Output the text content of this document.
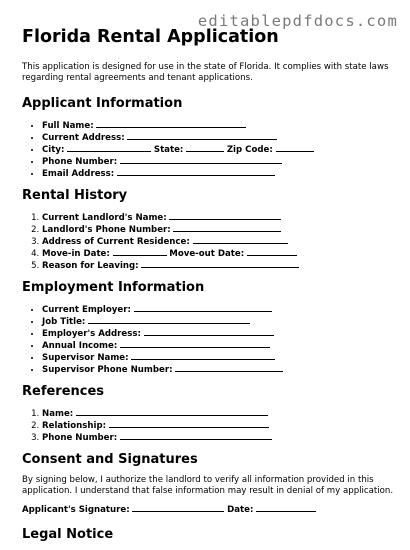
editablepdfdocs.com
Florida Rental Application

This application is designed for use in the state of Florida. It complies with state laws regarding rental agreements and tenant applications.

Applicant Information
• Full Name:
• Current Address:
• City:	State:	Zip Code:
• Phone Number:
• Email Address:
Rental History
1. Current Landlord's Name:
2. Landlord's Phone Number:
3. Address of Current Residence:
4. Move-in Date:	Move-out Date:
5. Reason for Leaving:
Employment Information
• Current Employer:
• Job Title:
• Employer's Address:
• Annual Income:
• Supervisor Name:
• Supervisor Phone Number:
References
1. Name:
2. Relationship:
3. Phone Number:
Consent and Signatures

By signing below, I authorize the landlord to verify all information provided in this application. I understand that false information may result in denial of my application.

Applicant's Signature:	Date:

Legal Notice
